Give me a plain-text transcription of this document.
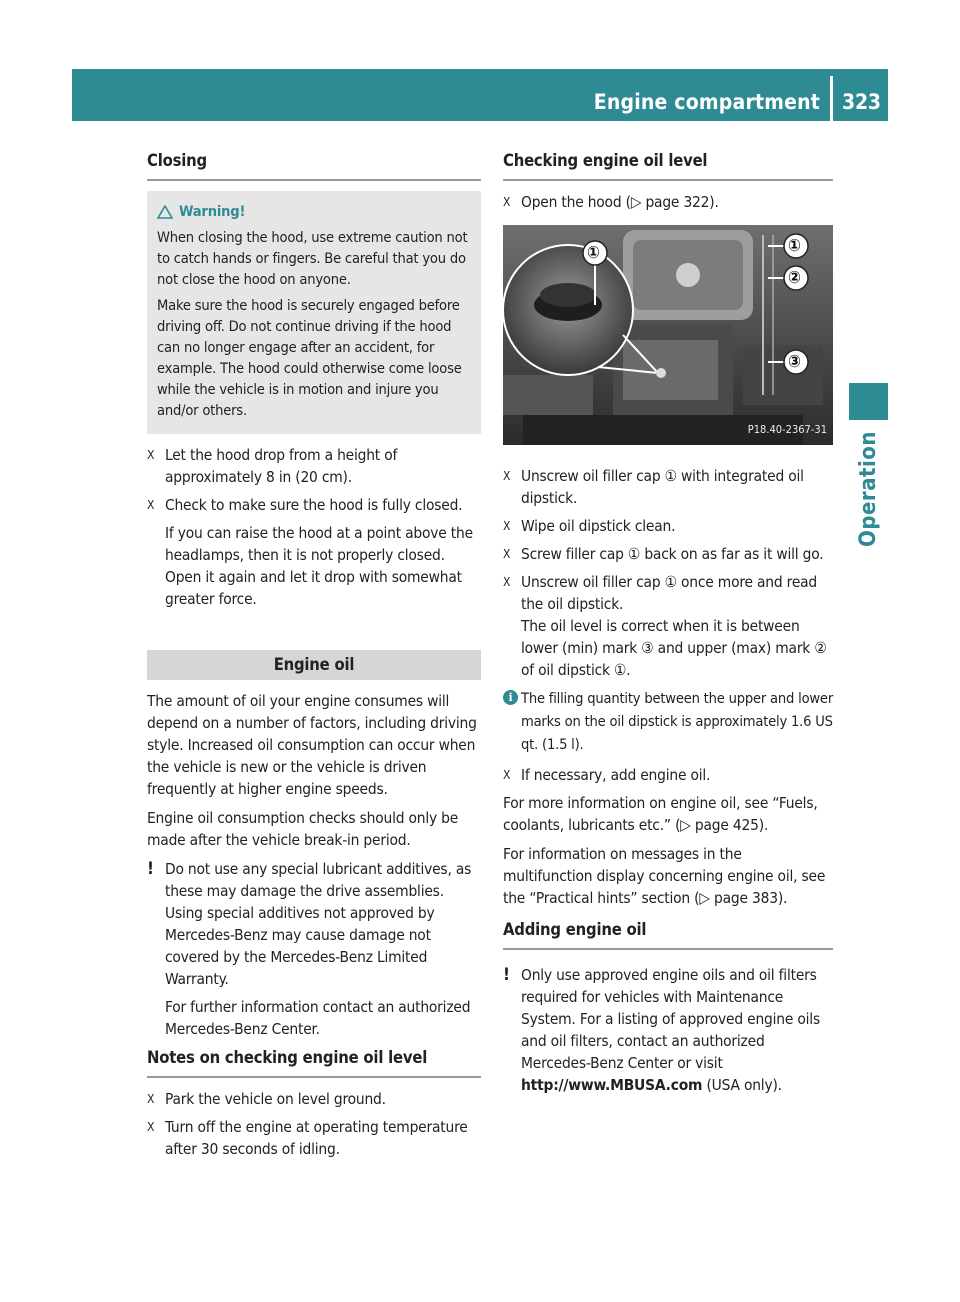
Engine compartment 323
Operation
Closing
Warning!

When closing the hood, use extreme caution not to catch hands or fingers. Be careful that you do not close the hood on anyone.

Make sure the hood is securely engaged before driving off. Do not continue driving if the hood can no longer engage after an accident, for example. The hood could otherwise come loose while the vehicle is in motion and injure you and/or others.

X Let the hood drop from a height of approximately 8 in (20 cm).
X Check to make sure the hood is fully closed.
If you can raise the hood at a point above the headlamps, then it is not properly closed. Open it again and let it drop with somewhat greater force.
Engine oil

The amount of oil your engine consumes will depend on a number of factors, including driving style. Increased oil consumption can occur when the vehicle is new or the vehicle is driven frequently at higher engine speeds.

Engine oil consumption checks should only be made after the vehicle break-in period.

! Do not use any special lubricant additives, as these may damage the drive assemblies. Using special additives not approved by Mercedes-Benz may cause damage not covered by the Mercedes-Benz Limited Warranty.

For further information contact an authorized Mercedes-Benz Center.

Notes on checking engine oil level
X Park the vehicle on level ground.
X Turn off the engine at operating temperature after 30 seconds of idling.
Checking engine oil level
X Open the hood (▷ page 322).
①	①
②
③
P18.40-2367-31
X Unscrew oil filler cap ① with integrated oil dipstick.
X Wipe oil dipstick clean.
X Screw filler cap ① back on as far as it will go.
X Unscrew oil filler cap ① once more and read the oil dipstick.
The oil level is correct when it is between lower (min) mark ③ and upper (max) mark ② of oil dipstick ①.
i The filling quantity between the upper and lower marks on the oil dipstick is approximately 1.6 US qt. (1.5 l).
X If necessary, add engine oil.

For more information on engine oil, see “Fuels, coolants, lubricants etc.” (▷ page 425).

For information on messages in the multifunction display concerning engine oil, see the “Practical hints” section (▷ page 383).

Adding engine oil
! Only use approved engine oils and oil filters required for vehicles with Maintenance System. For a listing of approved engine oils and oil filters, contact an authorized Mercedes-Benz Center or visit http://www.MBUSA.com (USA only).
